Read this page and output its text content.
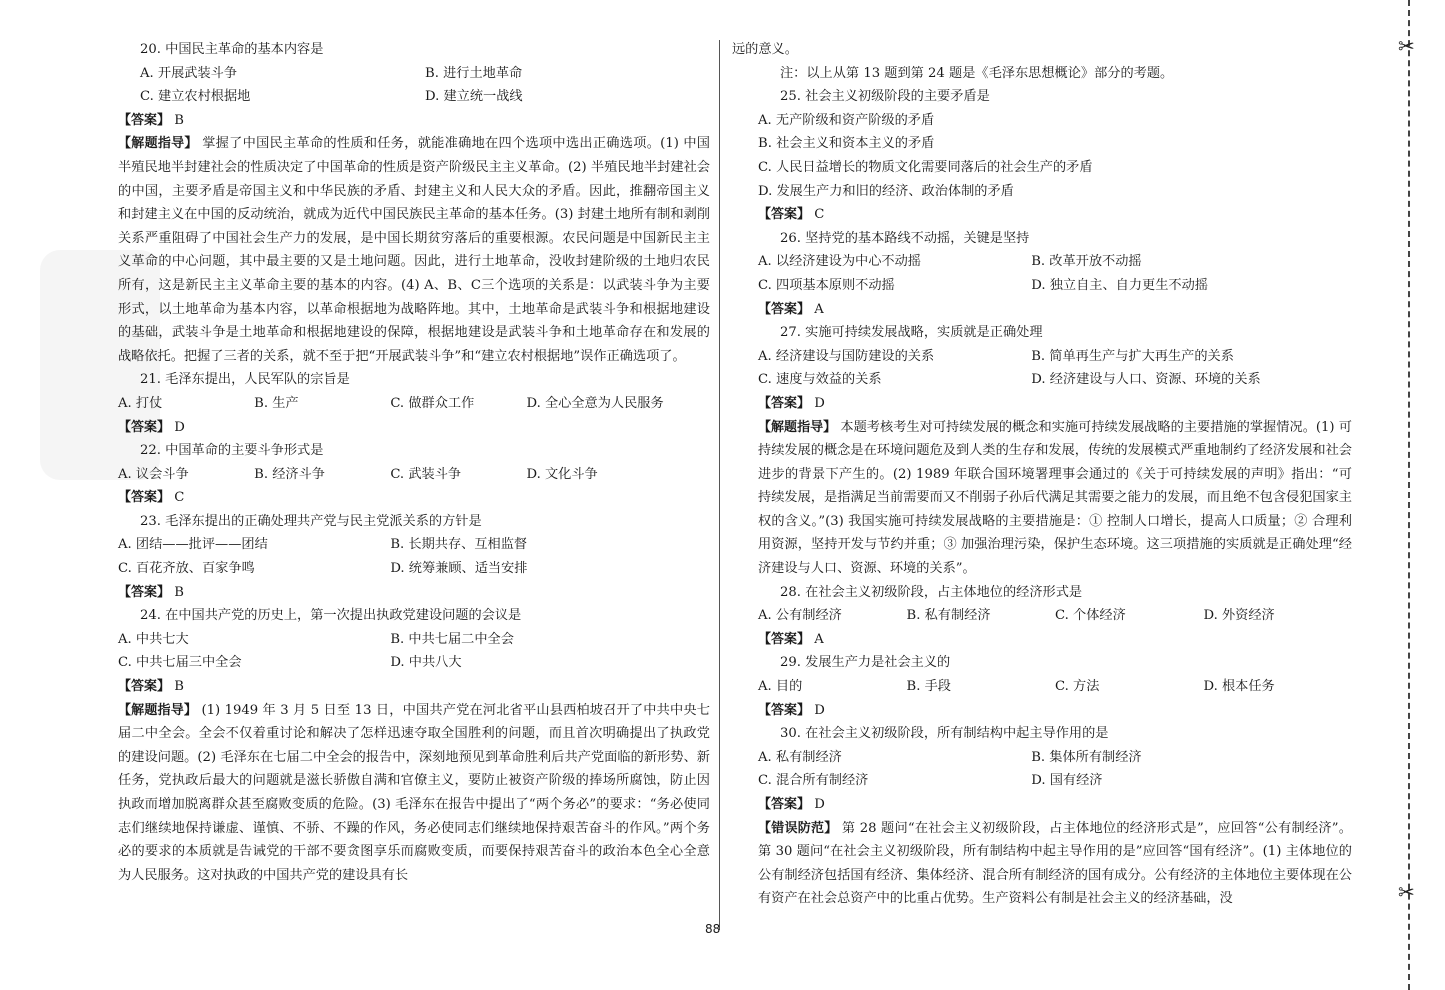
20. 中国民主革命的基本内容是
A. 开展武装斗争	B. 进行土地革命
C. 建立农村根据地	D. 建立统一战线
【答案】 B
【解题指导】 掌握了中国民主革命的性质和任务，就能准确地在四个选项中选出正确选项。(1) 中国半殖民地半封建社会的性质决定了中国革命的性质是资产阶级民主主义革命。(2) 半殖民地半封建社会的中国，主要矛盾是帝国主义和中华民族的矛盾、封建主义和人民大众的矛盾。因此，推翻帝国主义和封建主义在中国的反动统治，就成为近代中国民族民主革命的基本任务。(3) 封建土地所有制和剥削关系严重阻碍了中国社会生产力的发展，是中国长期贫穷落后的重要根源。农民问题是中国新民主主义革命的中心问题，其中最主要的又是土地问题。因此，进行土地革命，没收封建阶级的土地归农民所有，这是新民主主义革命主要的基本的内容。(4) A、B、C三个选项的关系是：以武装斗争为主要形式，以土地革命为基本内容，以革命根据地为战略阵地。其中，土地革命是武装斗争和根据地建设的基础，武装斗争是土地革命和根据地建设的保障，根据地建设是武装斗争和土地革命存在和发展的战略依托。把握了三者的关系，就不至于把“开展武装斗争”和“建立农村根据地”误作正确选项了。
21. 毛泽东提出，人民军队的宗旨是
A. 打仗	B. 生产	C. 做群众工作	D. 全心全意为人民服务
【答案】 D
22. 中国革命的主要斗争形式是
A. 议会斗争	B. 经济斗争	C. 武装斗争	D. 文化斗争
【答案】 C
23. 毛泽东提出的正确处理共产党与民主党派关系的方针是
A. 团结——批评——团结	B. 长期共存、互相监督
C. 百花齐放、百家争鸣	D. 统筹兼顾、适当安排
【答案】 B
24. 在中国共产党的历史上，第一次提出执政党建设问题的会议是
A. 中共七大	B. 中共七届二中全会
C. 中共七届三中全会	D. 中共八大
【答案】 B
【解题指导】 (1) 1949 年 3 月 5 日至 13 日，中国共产党在河北省平山县西柏坡召开了中共中央七届二中全会。全会不仅着重讨论和解决了怎样迅速夺取全国胜利的问题，而且首次明确提出了执政党的建设问题。(2) 毛泽东在七届二中全会的报告中，深刻地预见到革命胜利后共产党面临的新形势、新任务，党执政后最大的问题就是滋长骄傲自满和官僚主义，要防止被资产阶级的捧场所腐蚀，防止因执政而增加脱离群众甚至腐败变质的危险。(3) 毛泽东在报告中提出了“两个务必”的要求：“务必使同志们继续地保持谦虚、谨慎、不骄、不躁的作风，务必使同志们继续地保持艰苦奋斗的作风。”两个务必的要求的本质就是告诫党的干部不要贪图享乐而腐败变质，而要保持艰苦奋斗的政治本色全心全意为人民服务。这对执政的中国共产党的建设具有长
远的意义。
注：以上从第 13 题到第 24 题是《毛泽东思想概论》部分的考题。
25. 社会主义初级阶段的主要矛盾是
A. 无产阶级和资产阶级的矛盾
B. 社会主义和资本主义的矛盾
C. 人民日益增长的物质文化需要同落后的社会生产的矛盾
D. 发展生产力和旧的经济、政治体制的矛盾
【答案】 C
26. 坚持党的基本路线不动摇，关键是坚持
A. 以经济建设为中心不动摇	B. 改革开放不动摇
C. 四项基本原则不动摇	D. 独立自主、自力更生不动摇
【答案】 A
27. 实施可持续发展战略，实质就是正确处理
A. 经济建设与国防建设的关系	B. 简单再生产与扩大再生产的关系
C. 速度与效益的关系	D. 经济建设与人口、资源、环境的关系
【答案】 D
【解题指导】 本题考核考生对可持续发展的概念和实施可持续发展战略的主要措施的掌握情况。(1) 可持续发展的概念是在环境问题危及到人类的生存和发展，传统的发展模式严重地制约了经济发展和社会进步的背景下产生的。(2) 1989 年联合国环境署理事会通过的《关于可持续发展的声明》指出：“可持续发展，是指满足当前需要而又不削弱子孙后代满足其需要之能力的发展，而且绝不包含侵犯国家主权的含义。”(3) 我国实施可持续发展战略的主要措施是：① 控制人口增长，提高人口质量；② 合理利用资源，坚持开发与节约并重；③ 加强治理污染，保护生态环境。这三项措施的实质就是正确处理“经济建设与人口、资源、环境的关系”。
28. 在社会主义初级阶段，占主体地位的经济形式是
A. 公有制经济	B. 私有制经济	C. 个体经济	D. 外资经济
【答案】 A
29. 发展生产力是社会主义的
A. 目的	B. 手段	C. 方法	D. 根本任务
【答案】 D
30. 在社会主义初级阶段，所有制结构中起主导作用的是
A. 私有制经济	B. 集体所有制经济
C. 混合所有制经济	D. 国有经济
【答案】 D
【错误防范】 第 28 题问“在社会主义初级阶段，占主体地位的经济形式是”，应回答“公有制经济”。第 30 题问“在社会主义初级阶段，所有制结构中起主导作用的是”应回答“国有经济”。(1) 主体地位的公有制经济包括国有经济、集体经济、混合所有制经济的国有成分。公有经济的主体地位主要体现在公有资产在社会总资产中的比重占优势。生产资料公有制是社会主义的经济基础，没
88
✂
✂
